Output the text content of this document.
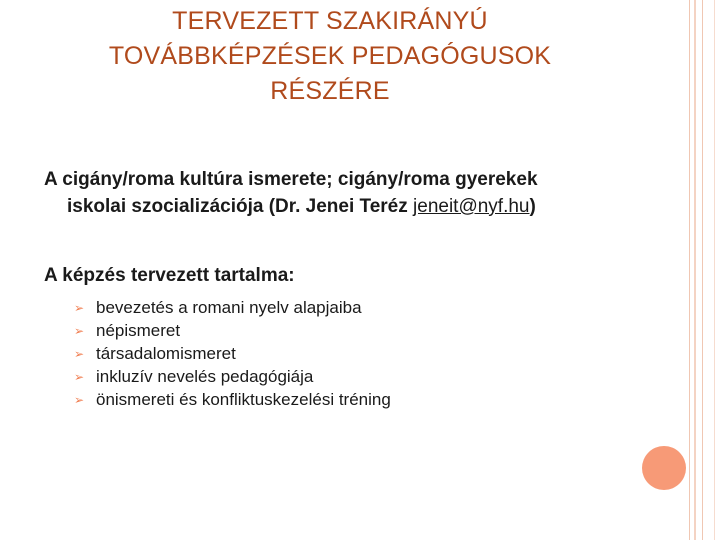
TERVEZETT SZAKIRÁNYÚ
TOVÁBBKÉPZÉSEK PEDAGÓGUSOK
RÉSZÉRE
A cigány/roma kultúra ismerete; cigány/roma gyerekek
iskolai szocializációja (Dr. Jenei Teréz jeneit@nyf.hu)
A képzés tervezett tartalma:
➢ bevezetés a romani nyelv alapjaiba
➢ népismeret
➢ társadalomismeret
➢ inkluzív nevelés pedagógiája
➢ önismereti és konfliktuskezelési tréning
